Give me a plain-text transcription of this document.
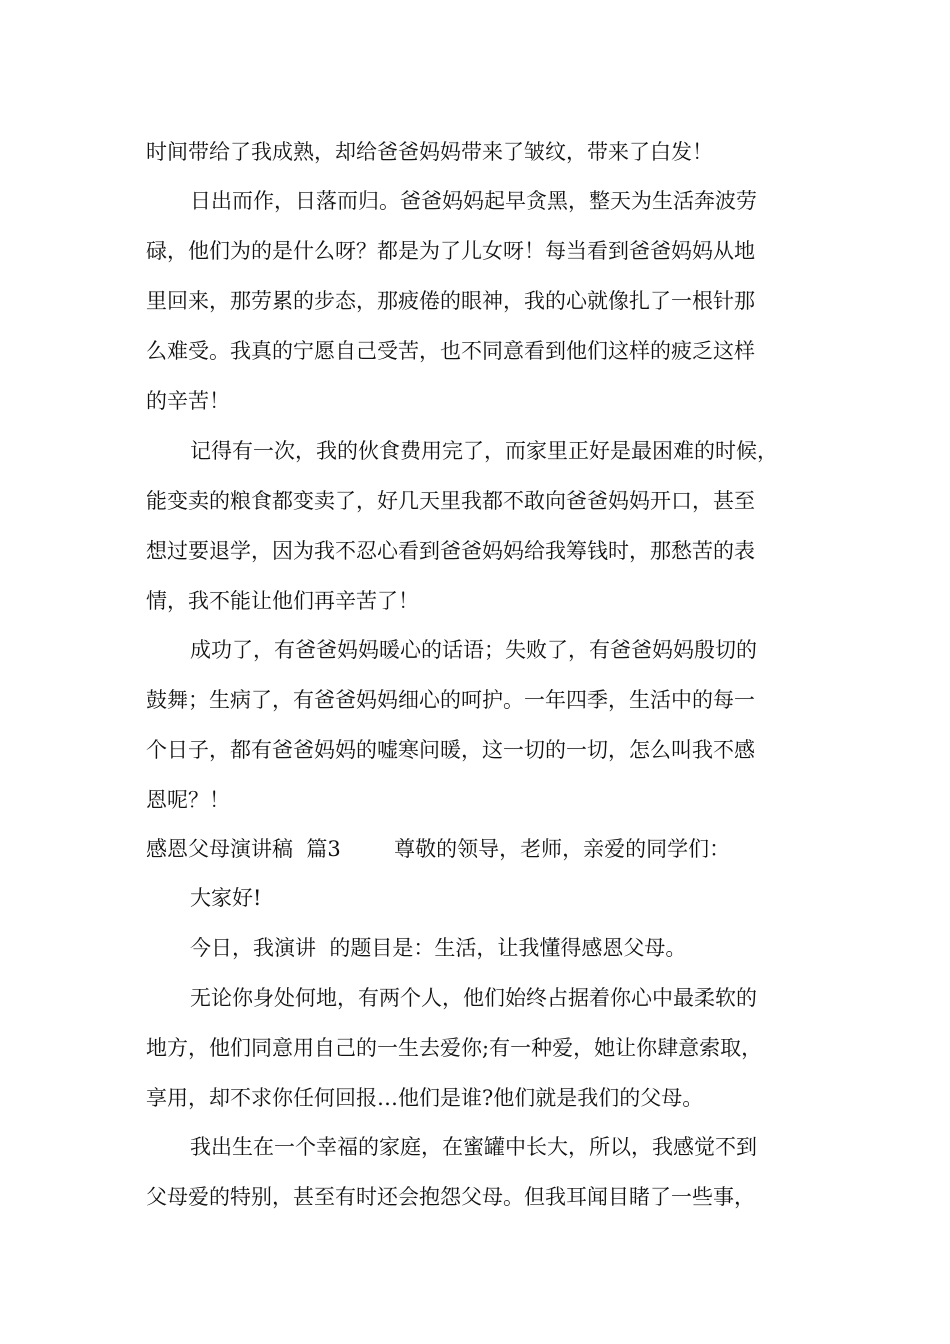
时间带给了我成熟，却给爸爸妈妈带来了皱纹，带来了白发！
日出而作，日落而归。爸爸妈妈起早贪黑，整天为生活奔波劳
碌，他们为的是什么呀？都是为了儿女呀！每当看到爸爸妈妈从地
里回来，那劳累的步态，那疲倦的眼神，我的心就像扎了一根针那
么难受。我真的宁愿自己受苦，也不同意看到他们这样的疲乏这样
的辛苦！
记得有一次，我的伙食费用完了，而家里正好是最困难的时候，
能变卖的粮食都变卖了，好几天里我都不敢向爸爸妈妈开口，甚至
想过要退学，因为我不忍心看到爸爸妈妈给我筹钱时，那愁苦的表
情，我不能让他们再辛苦了！
成功了，有爸爸妈妈暖心的话语；失败了，有爸爸妈妈殷切的
鼓舞；生病了，有爸爸妈妈细心的呵护。一年四季，生活中的每一
个日子，都有爸爸妈妈的嘘寒问暖，这一切的一切，怎么叫我不感
恩呢？！
感恩父母演讲稿  篇3        尊敬的领导，老师，亲爱的同学们：
大家好!
今日，我演讲  的题目是：生活，让我懂得感恩父母。
无论你身处何地，有两个人，他们始终占据着你心中最柔软的
地方，他们同意用自己的一生去爱你;有一种爱，她让你肆意索取，
享用，却不求你任何回报…他们是谁?他们就是我们的父母。
我出生在一个幸福的家庭，在蜜罐中长大，所以，我感觉不到
父母爱的特别，甚至有时还会抱怨父母。但我耳闻目睹了一些事，
